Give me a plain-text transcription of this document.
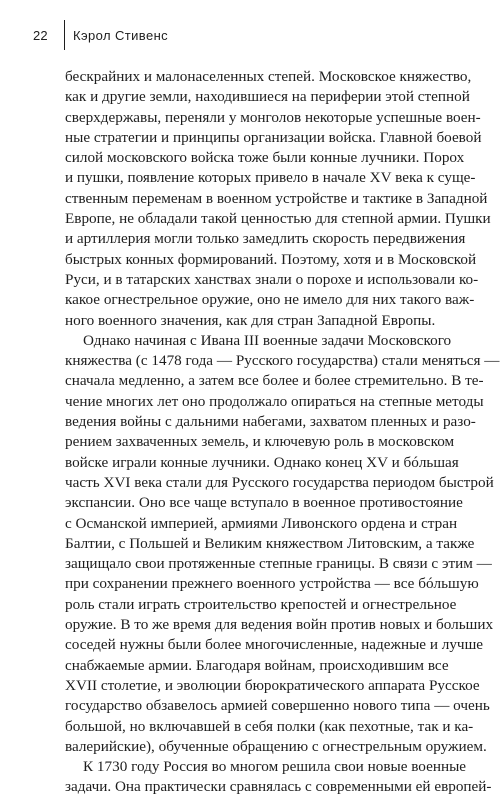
22 Кэрол Стивенс
бескрайних и малонаселенных степей. Московское княжество,
как и другие земли, находившиеся на периферии этой степной
сверхдержавы, переняли у монголов некоторые успешные воен-
ные стратегии и принципы организации войска. Главной боевой
силой московского войска тоже были конные лучники. Порох
и пушки, появление которых привело в начале XV века к суще-
ственным переменам в военном устройстве и тактике в Западной
Европе, не обладали такой ценностью для степной армии. Пушки
и артиллерия могли только замедлить скорость передвижения
быстрых конных формирований. Поэтому, хотя и в Московской
Руси, и в татарских ханствах знали о порохе и использовали ко-
какое огнестрельное оружие, оно не имело для них такого важ-
ного военного значения, как для стран Западной Европы.
Однако начиная с Ивана III военные задачи Московского
княжества (с 1478 года — Русского государства) стали меняться —
сначала медленно, а затем все более и более стремительно. В те-
чение многих лет оно продолжало опираться на степные методы
ведения войны с дальними набегами, захватом пленных и разо-
рением захваченных земель, и ключевую роль в московском
войске играли конные лучники. Однако конец XV и бóльшая
часть XVI века стали для Русского государства периодом быстрой
экспансии. Оно все чаще вступало в военное противостояние
с Османской империей, армиями Ливонского ордена и стран
Балтии, с Польшей и Великим княжеством Литовским, а также
защищало свои протяженные степные границы. В связи с этим —
при сохранении прежнего военного устройства — все бóльшую
роль стали играть строительство крепостей и огнестрельное
оружие. В то же время для ведения войн против новых и больших
соседей нужны были более многочисленные, надежные и лучше
снабжаемые армии. Благодаря войнам, происходившим все
XVII столетие, и эволюции бюрократического аппарата Русское
государство обзавелось армией совершенно нового типа — очень
большой, но включавшей в себя полки (как пехотные, так и ка-
валерийские), обученные обращению с огнестрельным оружием.
К 1730 году Россия во многом решила свои новые военные
задачи. Она практически сравнялась с современными ей европей-
